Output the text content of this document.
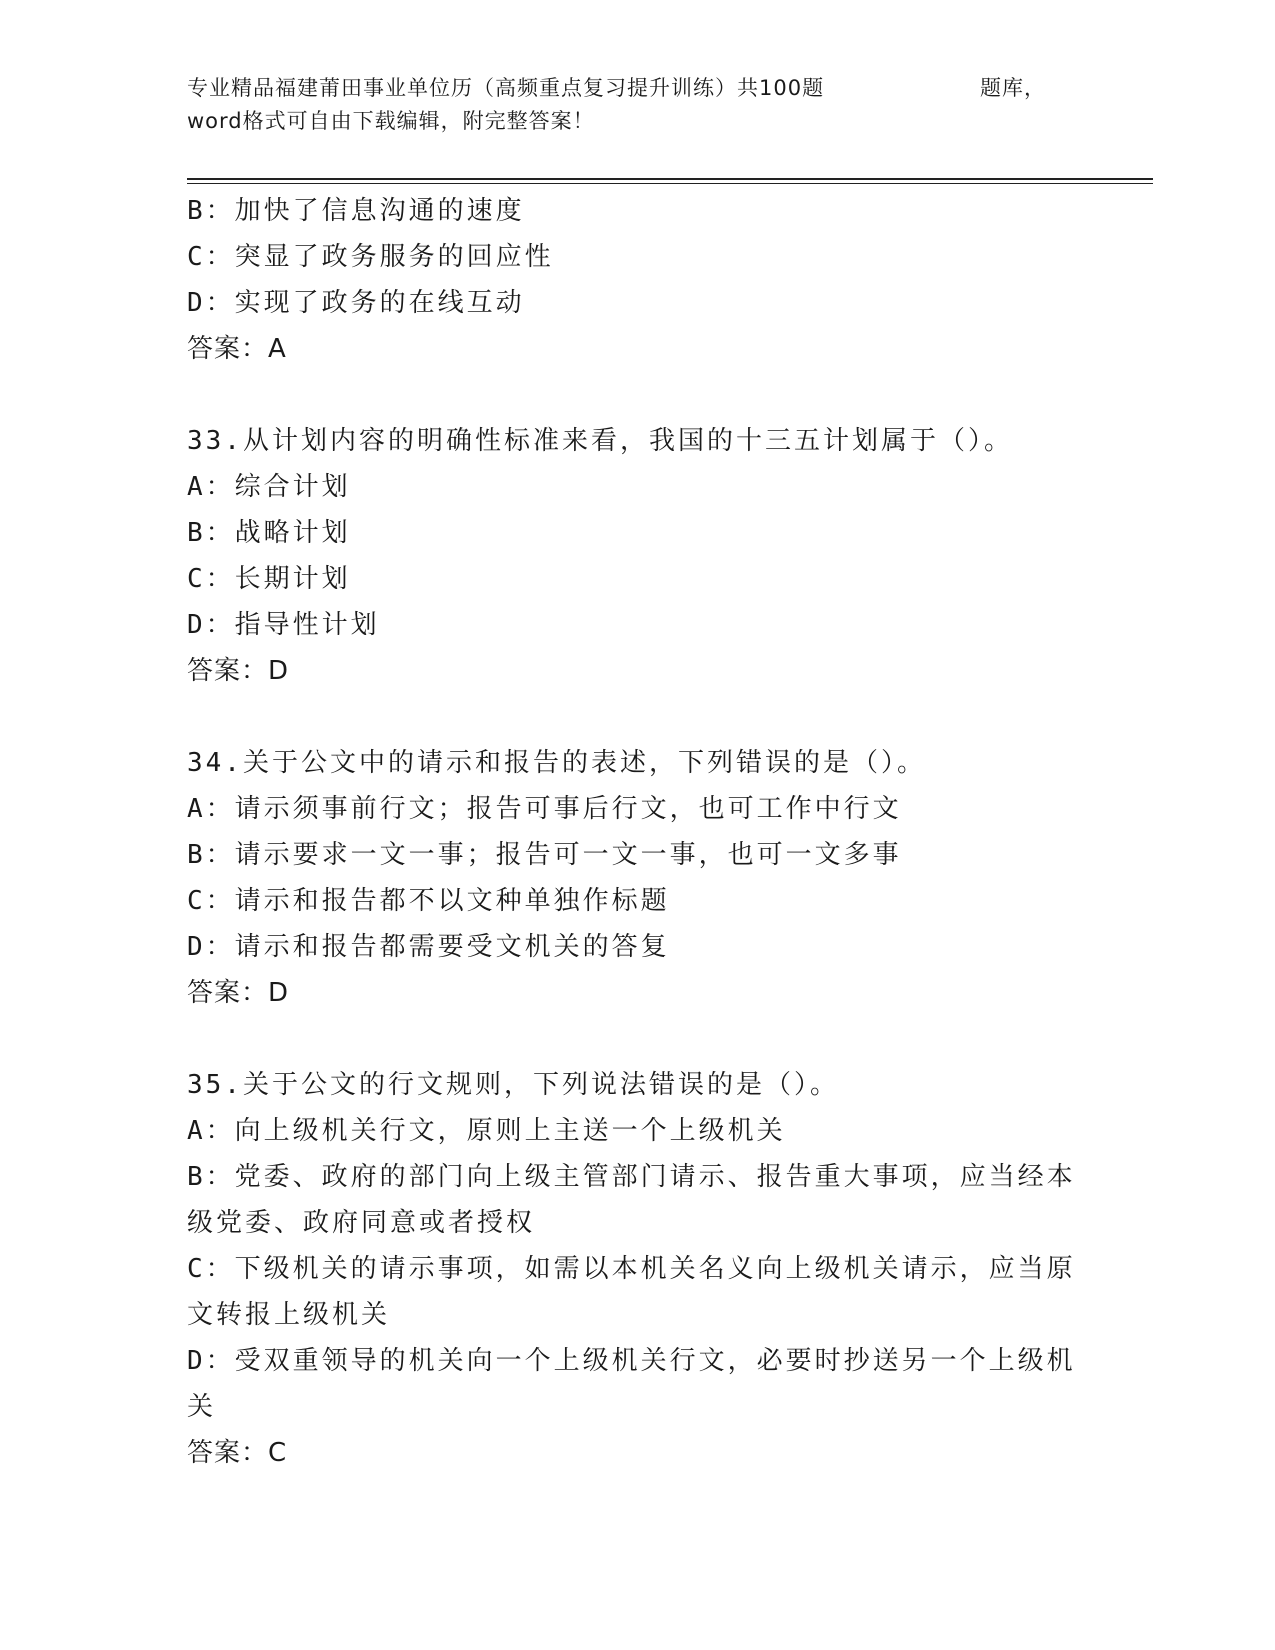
专业精品福建莆田事业单位历（高频重点复习提升训练）共100题	题库，
word格式可自由下载编辑，附完整答案！
B：加快了信息沟通的速度
C：突显了政务服务的回应性
D：实现了政务的在线互动
答案：A
33.从计划内容的明确性标准来看，我国的十三五计划属于（）。
A：综合计划
B：战略计划
C：长期计划
D：指导性计划
答案：D
34.关于公文中的请示和报告的表述，下列错误的是（）。
A：请示须事前行文；报告可事后行文，也可工作中行文
B：请示要求一文一事；报告可一文一事，也可一文多事
C：请示和报告都不以文种单独作标题
D：请示和报告都需要受文机关的答复
答案：D
35.关于公文的行文规则，下列说法错误的是（）。
A：向上级机关行文，原则上主送一个上级机关
B：党委、政府的部门向上级主管部门请示、报告重大事项，应当经本
级党委、政府同意或者授权
C：下级机关的请示事项，如需以本机关名义向上级机关请示，应当原
文转报上级机关
D：受双重领导的机关向一个上级机关行文，必要时抄送另一个上级机
关
答案：C
